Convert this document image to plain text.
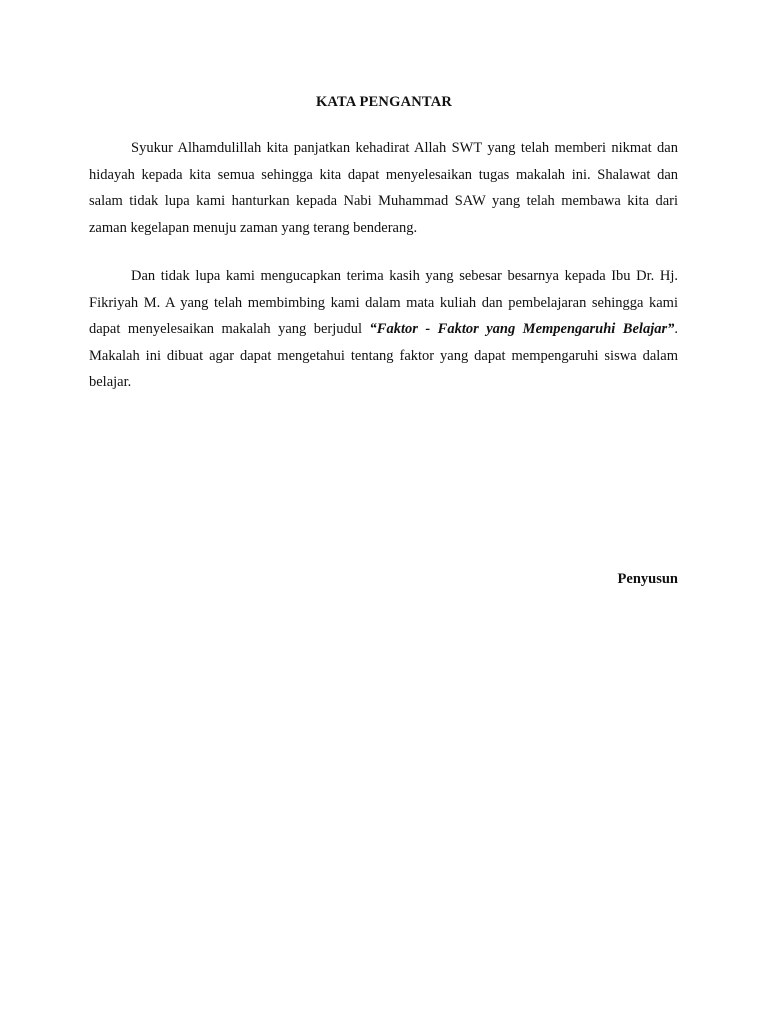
KATA PENGANTAR

Syukur Alhamdulillah kita panjatkan kehadirat Allah SWT yang telah memberi nikmat dan hidayah kepada kita semua sehingga kita dapat menyelesaikan tugas makalah ini. Shalawat dan salam tidak lupa kami hanturkan kepada Nabi Muhammad SAW yang telah membawa kita dari zaman kegelapan menuju zaman yang terang benderang.

Dan tidak lupa kami mengucapkan terima kasih yang sebesar besarnya kepada Ibu Dr. Hj. Fikriyah M. A yang telah membimbing kami dalam mata kuliah dan pembelajaran sehingga kami dapat menyelesaikan makalah yang berjudul “Faktor - Faktor yang Mempengaruhi Belajar”. Makalah ini dibuat agar dapat mengetahui tentang faktor yang dapat mempengaruhi siswa dalam belajar.

Penyusun
